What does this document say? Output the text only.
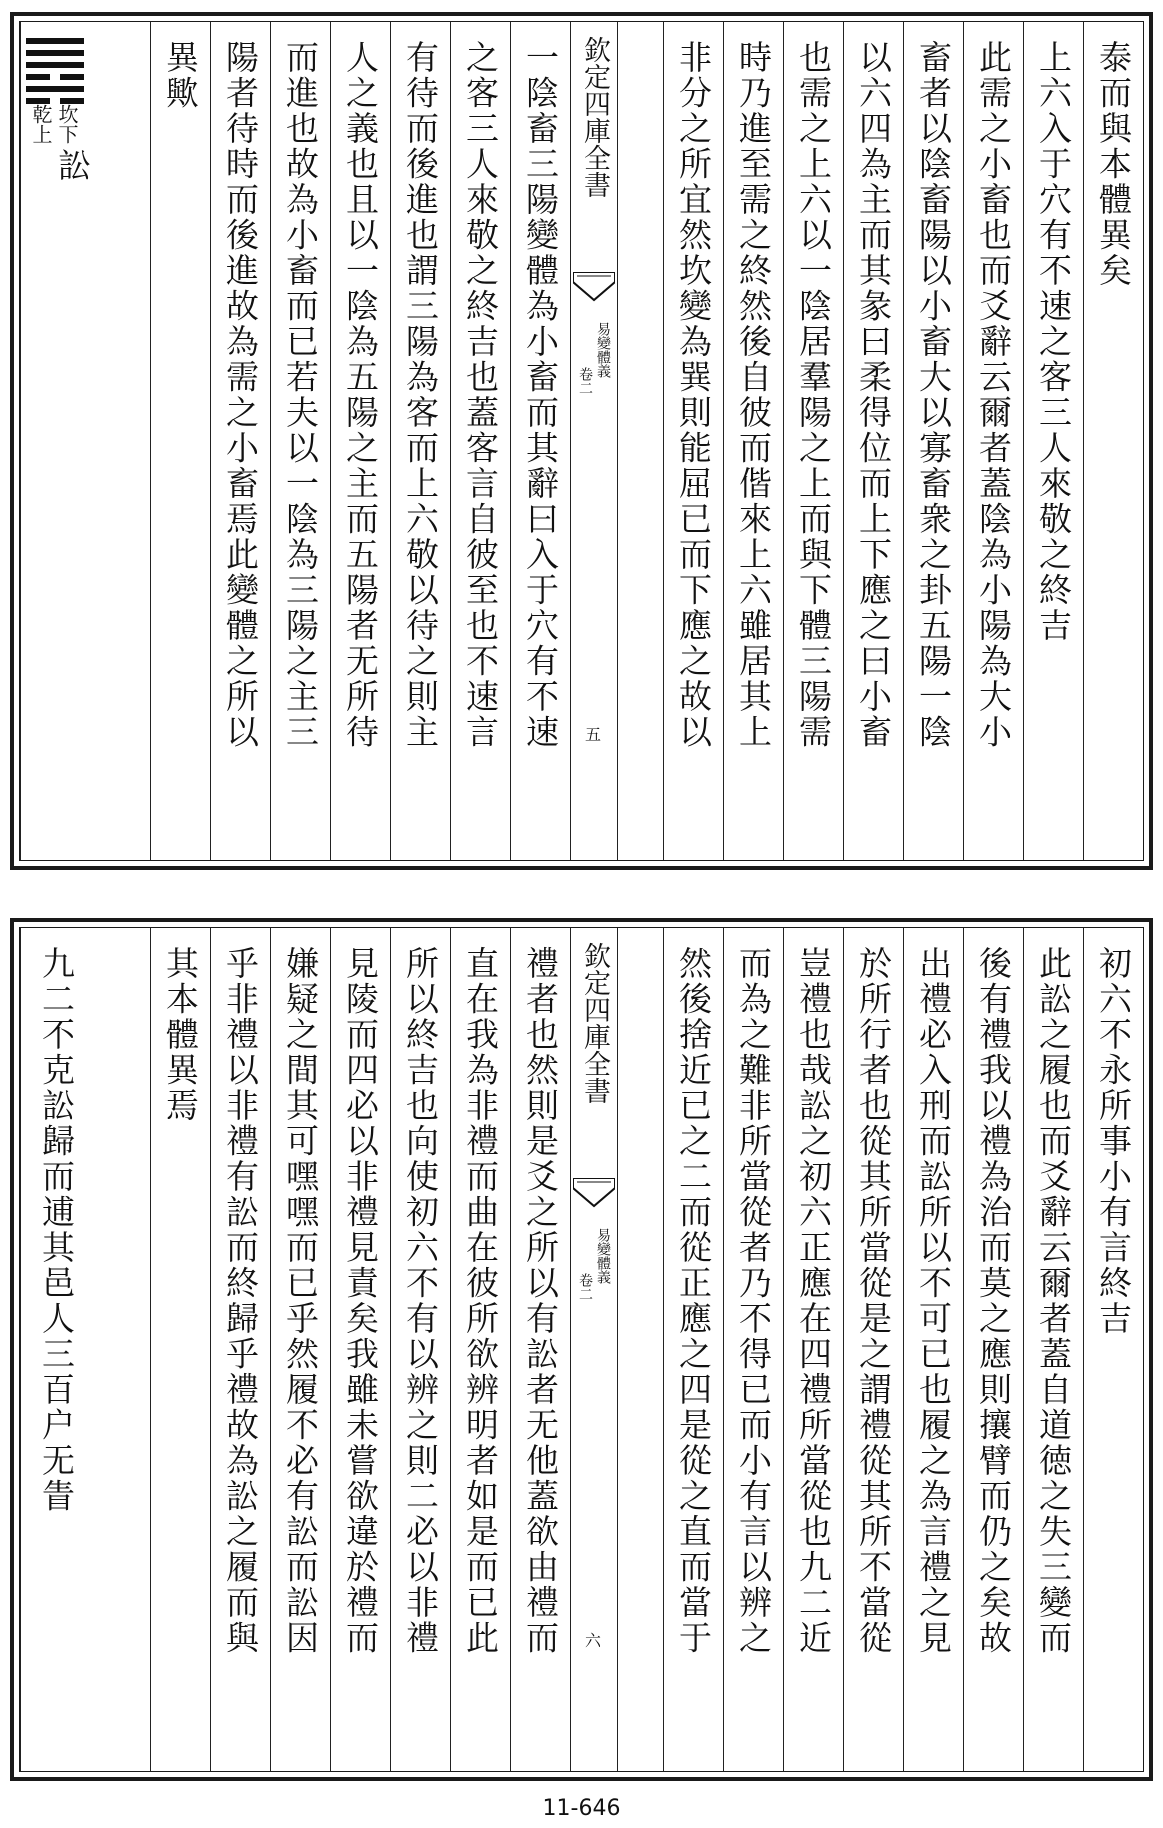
泰而與本體異矣
上六入于穴有不速之客三人來敬之終吉
此需之小畜也而爻辭云爾者蓋陰為小陽為大小
畜者以陰畜陽以小畜大以寡畜衆之卦五陽一陰
以六四為主而其彖曰柔得位而上下應之曰小畜
也需之上六以一陰居羣陽之上而與下體三陽需
時乃進至需之終然後自彼而偕來上六雖居其上
非分之所宜然坎變為巽則能屈已而下應之故以
欽定四庫全書
易變體義
卷二
五
一陰畜三陽變體為小畜而其辭曰入于穴有不速
之客三人來敬之終吉也蓋客言自彼至也不速言
有待而後進也謂三陽為客而上六敬以待之則主
人之義也且以一陰為五陽之主而五陽者无所待
而進也故為小畜而已若夫以一陰為三陽之主三
陽者待時而後進故為需之小畜焉此變體之所以
異歟
坎下
乾上
訟
初六不永所事小有言終吉
此訟之履也而爻辭云爾者蓋自道徳之失三變而
後有禮我以禮為治而莫之應則攘臂而仍之矣故
出禮必入刑而訟所以不可已也履之為言禮之見
於所行者也從其所當從是之謂禮從其所不當從
豈禮也哉訟之初六正應在四禮所當從也九二近
而為之難非所當從者乃不得已而小有言以辨之
然後捨近已之二而從正應之四是從之直而當于
欽定四庫全書
易變體義
卷二
六
禮者也然則是爻之所以有訟者无他蓋欲由禮而
直在我為非禮而曲在彼所欲辨明者如是而已此
所以終吉也向使初六不有以辨之則二必以非禮
見陵而四必以非禮見責矣我雖未嘗欲違於禮而
嫌疑之間其可嘿嘿而已乎然履不必有訟而訟因
乎非禮以非禮有訟而終歸乎禮故為訟之履而與
其本體異焉
九二不克訟歸而逋其邑人三百户无眚
11-646
